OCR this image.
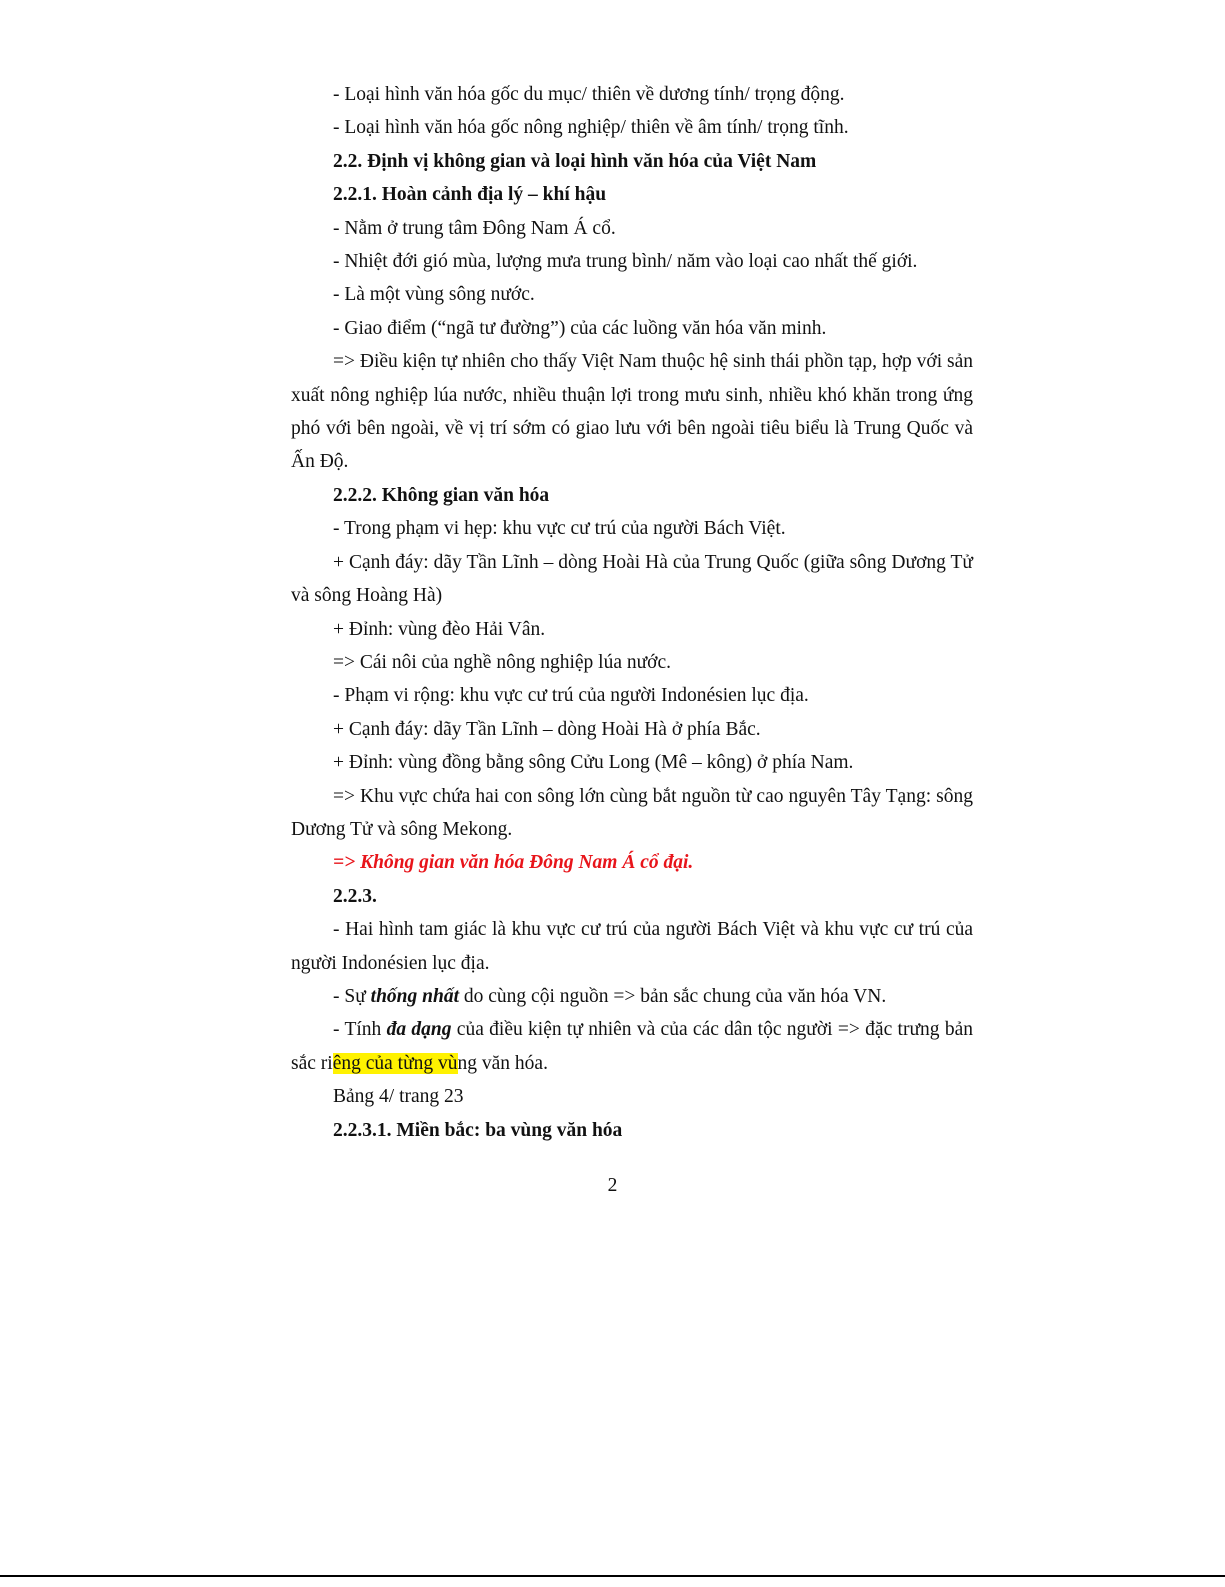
- Loại hình văn hóa gốc du mục/ thiên về dương tính/ trọng động.

- Loại hình văn hóa gốc nông nghiệp/ thiên về âm tính/ trọng tĩnh.

2.2. Định vị không gian và loại hình văn hóa của Việt Nam

2.2.1. Hoàn cảnh địa lý – khí hậu

- Nằm ở trung tâm Đông Nam Á cổ.

- Nhiệt đới gió mùa, lượng mưa trung bình/ năm vào loại cao nhất thế giới.

- Là một vùng sông nước.

- Giao điểm (“ngã tư đường”) của các luồng văn hóa văn minh.

=> Điều kiện tự nhiên cho thấy Việt Nam thuộc hệ sinh thái phồn tạp, hợp với sản xuất nông nghiệp lúa nước, nhiều thuận lợi trong mưu sinh, nhiều khó khăn trong ứng phó với bên ngoài, về vị trí sớm có giao lưu với bên ngoài tiêu biểu là Trung Quốc và Ấn Độ.

2.2.2. Không gian văn hóa

- Trong phạm vi hẹp: khu vực cư trú của người Bách Việt.

+ Cạnh đáy: dãy Tần Lĩnh – dòng Hoài Hà của Trung Quốc (giữa sông Dương Tử và sông Hoàng Hà)

+ Đỉnh: vùng đèo Hải Vân.

=> Cái nôi của nghề nông nghiệp lúa nước.

- Phạm vi rộng: khu vực cư trú của người Indonésien lục địa.

+ Cạnh đáy: dãy Tần Lĩnh – dòng Hoài Hà ở phía Bắc.

+ Đỉnh: vùng đồng bằng sông Cửu Long (Mê – kông) ở phía Nam.

=> Khu vực chứa hai con sông lớn cùng bắt nguồn từ cao nguyên Tây Tạng: sông Dương Tử và sông Mekong.

=> Không gian văn hóa Đông Nam Á cổ đại.

2.2.3.

- Hai hình tam giác là khu vực cư trú của người Bách Việt và khu vực cư trú của người Indonésien lục địa.

- Sự thống nhất do cùng cội nguồn => bản sắc chung của văn hóa VN.

- Tính đa dạng của điều kiện tự nhiên và của các dân tộc người => đặc trưng bản sắc riêng của từng vùng văn hóa.

Bảng 4/ trang 23

2.2.3.1. Miền bắc: ba vùng văn hóa

2
